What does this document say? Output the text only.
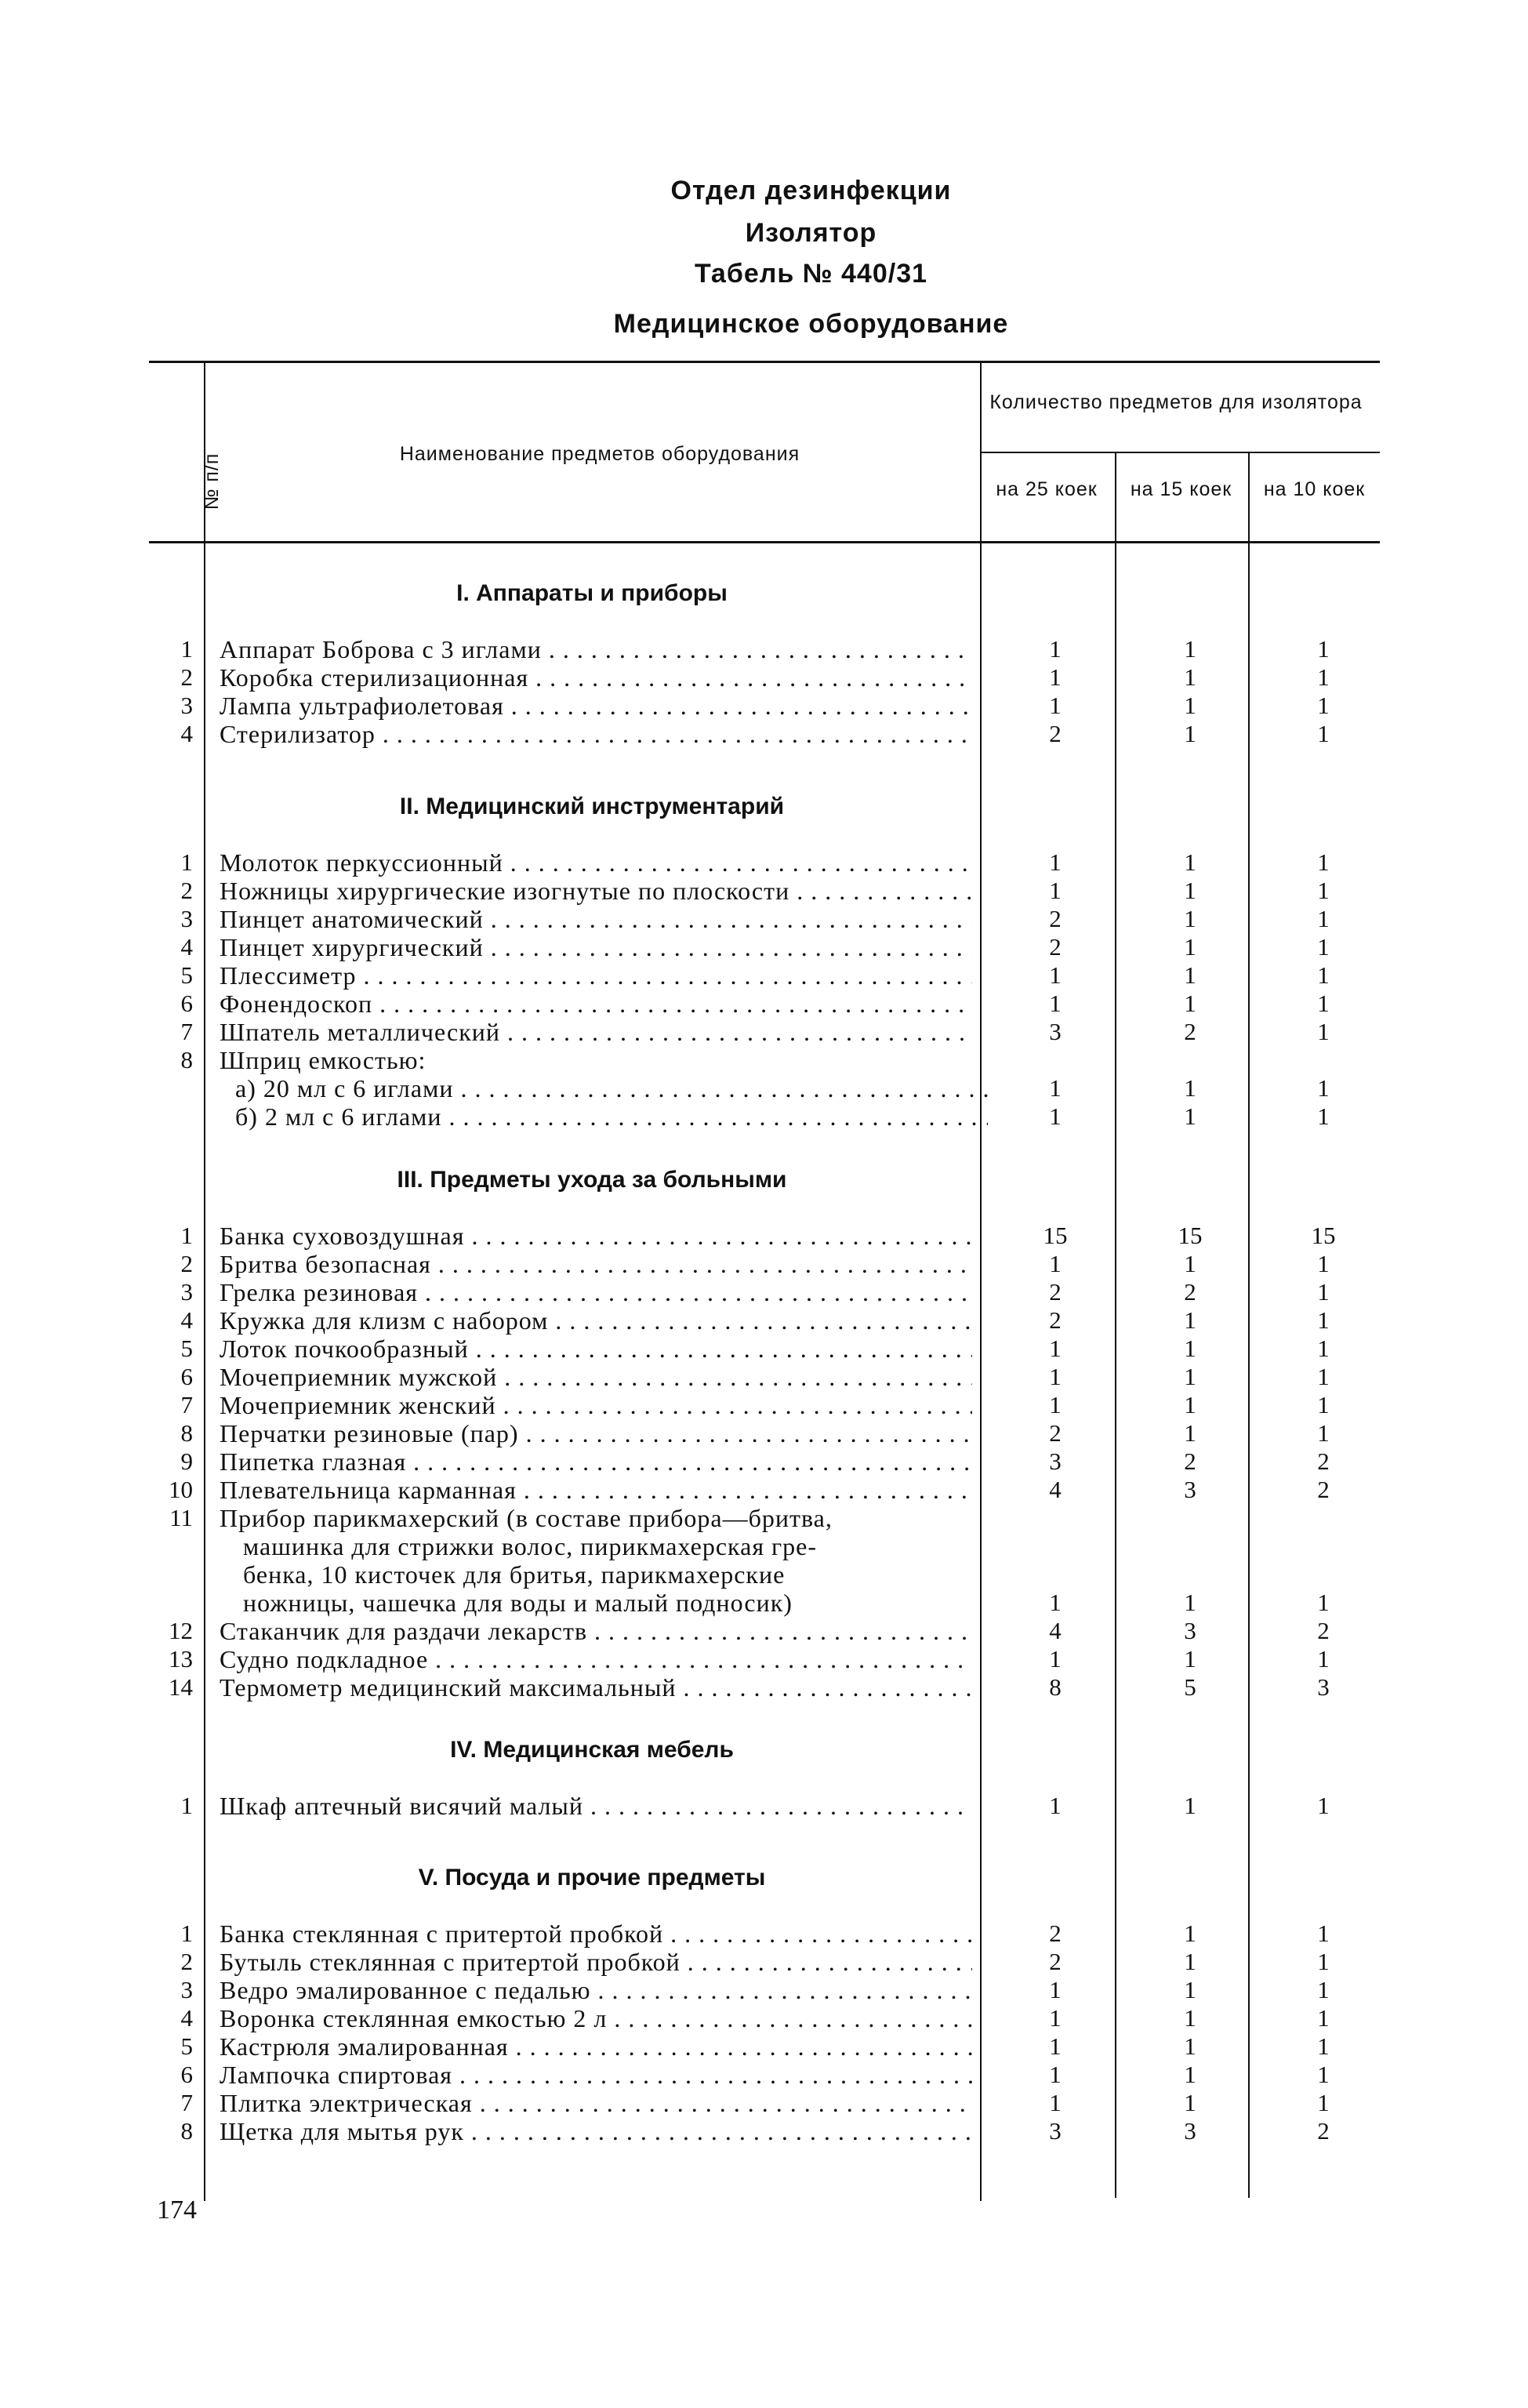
Отдел дезинфекции
Изолятор
Табель № 440/31
Медицинское оборудование
№ п/п	Наименование предметов оборудования
Количество предметов для изолятора
на 25 коек	на 15 коек	на 10 коек
I. Аппараты и приборы
1 Аппарат Боброва с 3 иглами . . .	1	1	1
2 Коробка стерилизационная . . .	1	1	1
3 Лампа ультрафиолетовая . . .	1	1	1
4 Стерилизатор . . .	2	1	1
II. Медицинский инструментарий
1 Молоток перкуссионный . . .	1	1	1
2 Ножницы хирургические изогнутые по плоскости . . .	1	1	1
3 Пинцет анатомический . . .	2	1	1
4 Пинцет хирургический . . .	2	1	1
5 Плессиметр . . .	1	1	1
6 Фонендоскоп . . .	1	1	1
7 Шпатель металлический . . .	3	2	1
8 Шприц емкостью:
а) 20 мл с 6 иглами . . .	1	1	1
б) 2 мл с 6 иглами . . .	1	1	1
III. Предметы ухода за больными
1 Банка суховоздушная . . .	15	15	15
2 Бритва безопасная . . .	1	1	1
3 Грелка резиновая . . .	2	2	1
4 Кружка для клизм с набором . . .	2	1	1
5 Лоток почкообразный . . .	1	1	1
6 Мочеприемник мужской . . .	1	1	1
7 Мочеприемник женский . . .	1	1	1
8 Перчатки резиновые (пар) . . .	2	1	1
9 Пипетка глазная . . .	3	2	2
10 Плевательница карманная . . .	4	3	2
11 Прибор парикмахерский (в составе прибора—бритва,
машинка для стрижки волос, пирикмахерская гре-
бенка, 10 кисточек для бритья, парикмахерские
ножницы, чашечка для воды и малый подносик)	1	1	1
12 Стаканчик для раздачи лекарств . . .	4	3	2
13 Судно подкладное . . .	1	1	1
14 Термометр медицинский максимальный . . .	8	5	3
IV. Медицинская мебель
1 Шкаф аптечный висячий малый . . .	1	1	1
V. Посуда и прочие предметы
1 Банка стеклянная с притертой пробкой . . .	2	1	1
2 Бутыль стеклянная с притертой пробкой . . .	2	1	1
3 Ведро эмалированное с педалью . . .	1	1	1
4 Воронка стеклянная емкостью 2 л . . .	1	1	1
5 Кастрюля эмалированная . . .	1	1	1
6 Лампочка спиртовая . . .	1	1	1
7 Плитка электрическая . . .	1	1	1
8 Щетка для мытья рук . . .	3	3	2
174
